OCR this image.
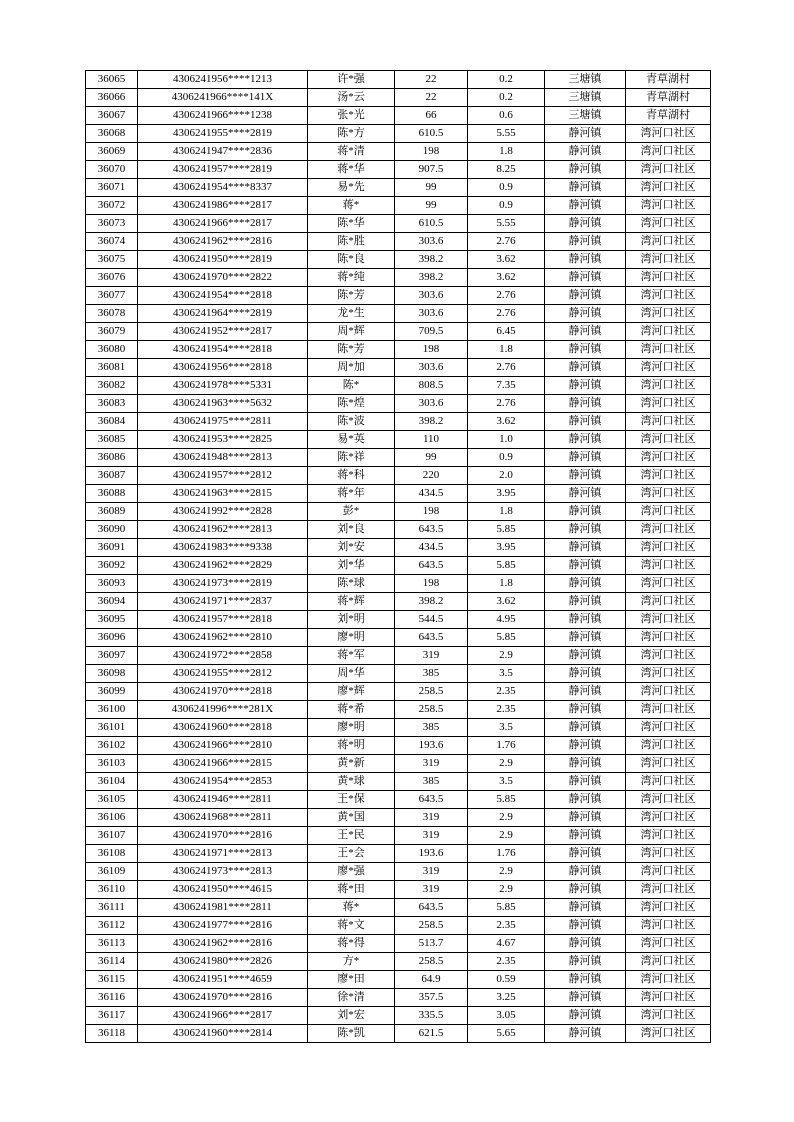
36065	4306241956****1213	许*强	22	0.2	三塘镇	青草湖村
36066	4306241966****141X	汤*云	22	0.2	三塘镇	青草湖村
36067	4306241966****1238	张*光	66	0.6	三塘镇	青草湖村
36068	4306241955****2819	陈*方	610.5	5.55	静河镇	湾河口社区
36069	4306241947****2836	蒋*清	198	1.8	静河镇	湾河口社区
36070	4306241957****2819	蒋*华	907.5	8.25	静河镇	湾河口社区
36071	4306241954****8337	易*先	99	0.9	静河镇	湾河口社区
36072	4306241986****2817	蒋*	99	0.9	静河镇	湾河口社区
36073	4306241966****2817	陈*华	610.5	5.55	静河镇	湾河口社区
36074	4306241962****2816	陈*胜	303.6	2.76	静河镇	湾河口社区
36075	4306241950****2819	陈*良	398.2	3.62	静河镇	湾河口社区
36076	4306241970****2822	蒋*纯	398.2	3.62	静河镇	湾河口社区
36077	4306241954****2818	陈*芳	303.6	2.76	静河镇	湾河口社区
36078	4306241964****2819	龙*生	303.6	2.76	静河镇	湾河口社区
36079	4306241952****2817	周*辉	709.5	6.45	静河镇	湾河口社区
36080	4306241954****2818	陈*芳	198	1.8	静河镇	湾河口社区
36081	4306241956****2818	周*加	303.6	2.76	静河镇	湾河口社区
36082	4306241978****5331	陈*	808.5	7.35	静河镇	湾河口社区
36083	4306241963****5632	陈*煌	303.6	2.76	静河镇	湾河口社区
36084	4306241975****2811	陈*波	398.2	3.62	静河镇	湾河口社区
36085	4306241953****2825	易*英	110	1.0	静河镇	湾河口社区
36086	4306241948****2813	陈*祥	99	0.9	静河镇	湾河口社区
36087	4306241957****2812	蒋*科	220	2.0	静河镇	湾河口社区
36088	4306241963****2815	蒋*年	434.5	3.95	静河镇	湾河口社区
36089	4306241992****2828	彭*	198	1.8	静河镇	湾河口社区
36090	4306241962****2813	刘*良	643.5	5.85	静河镇	湾河口社区
36091	4306241983****9338	刘*安	434.5	3.95	静河镇	湾河口社区
36092	4306241962****2829	刘*华	643.5	5.85	静河镇	湾河口社区
36093	4306241973****2819	陈*球	198	1.8	静河镇	湾河口社区
36094	4306241971****2837	蒋*辉	398.2	3.62	静河镇	湾河口社区
36095	4306241957****2818	刘*明	544.5	4.95	静河镇	湾河口社区
36096	4306241962****2810	廖*明	643.5	5.85	静河镇	湾河口社区
36097	4306241972****2858	蒋*军	319	2.9	静河镇	湾河口社区
36098	4306241955****2812	周*华	385	3.5	静河镇	湾河口社区
36099	4306241970****2818	廖*辉	258.5	2.35	静河镇	湾河口社区
36100	4306241996****281X	蒋*希	258.5	2.35	静河镇	湾河口社区
36101	4306241960****2818	廖*明	385	3.5	静河镇	湾河口社区
36102	4306241966****2810	蒋*明	193.6	1.76	静河镇	湾河口社区
36103	4306241966****2815	黄*新	319	2.9	静河镇	湾河口社区
36104	4306241954****2853	黄*球	385	3.5	静河镇	湾河口社区
36105	4306241946****2811	王*保	643.5	5.85	静河镇	湾河口社区
36106	4306241968****2811	黄*国	319	2.9	静河镇	湾河口社区
36107	4306241970****2816	王*民	319	2.9	静河镇	湾河口社区
36108	4306241971****2813	王*会	193.6	1.76	静河镇	湾河口社区
36109	4306241973****2813	廖*强	319	2.9	静河镇	湾河口社区
36110	4306241950****4615	蒋*田	319	2.9	静河镇	湾河口社区
36111	4306241981****2811	蒋*	643.5	5.85	静河镇	湾河口社区
36112	4306241977****2816	蒋*文	258.5	2.35	静河镇	湾河口社区
36113	4306241962****2816	蒋*得	513.7	4.67	静河镇	湾河口社区
36114	4306241980****2826	方*	258.5	2.35	静河镇	湾河口社区
36115	4306241951****4659	廖*田	64.9	0.59	静河镇	湾河口社区
36116	4306241970****2816	徐*清	357.5	3.25	静河镇	湾河口社区
36117	4306241966****2817	刘*宏	335.5	3.05	静河镇	湾河口社区
36118	4306241960****2814	陈*凯	621.5	5.65	静河镇	湾河口社区
